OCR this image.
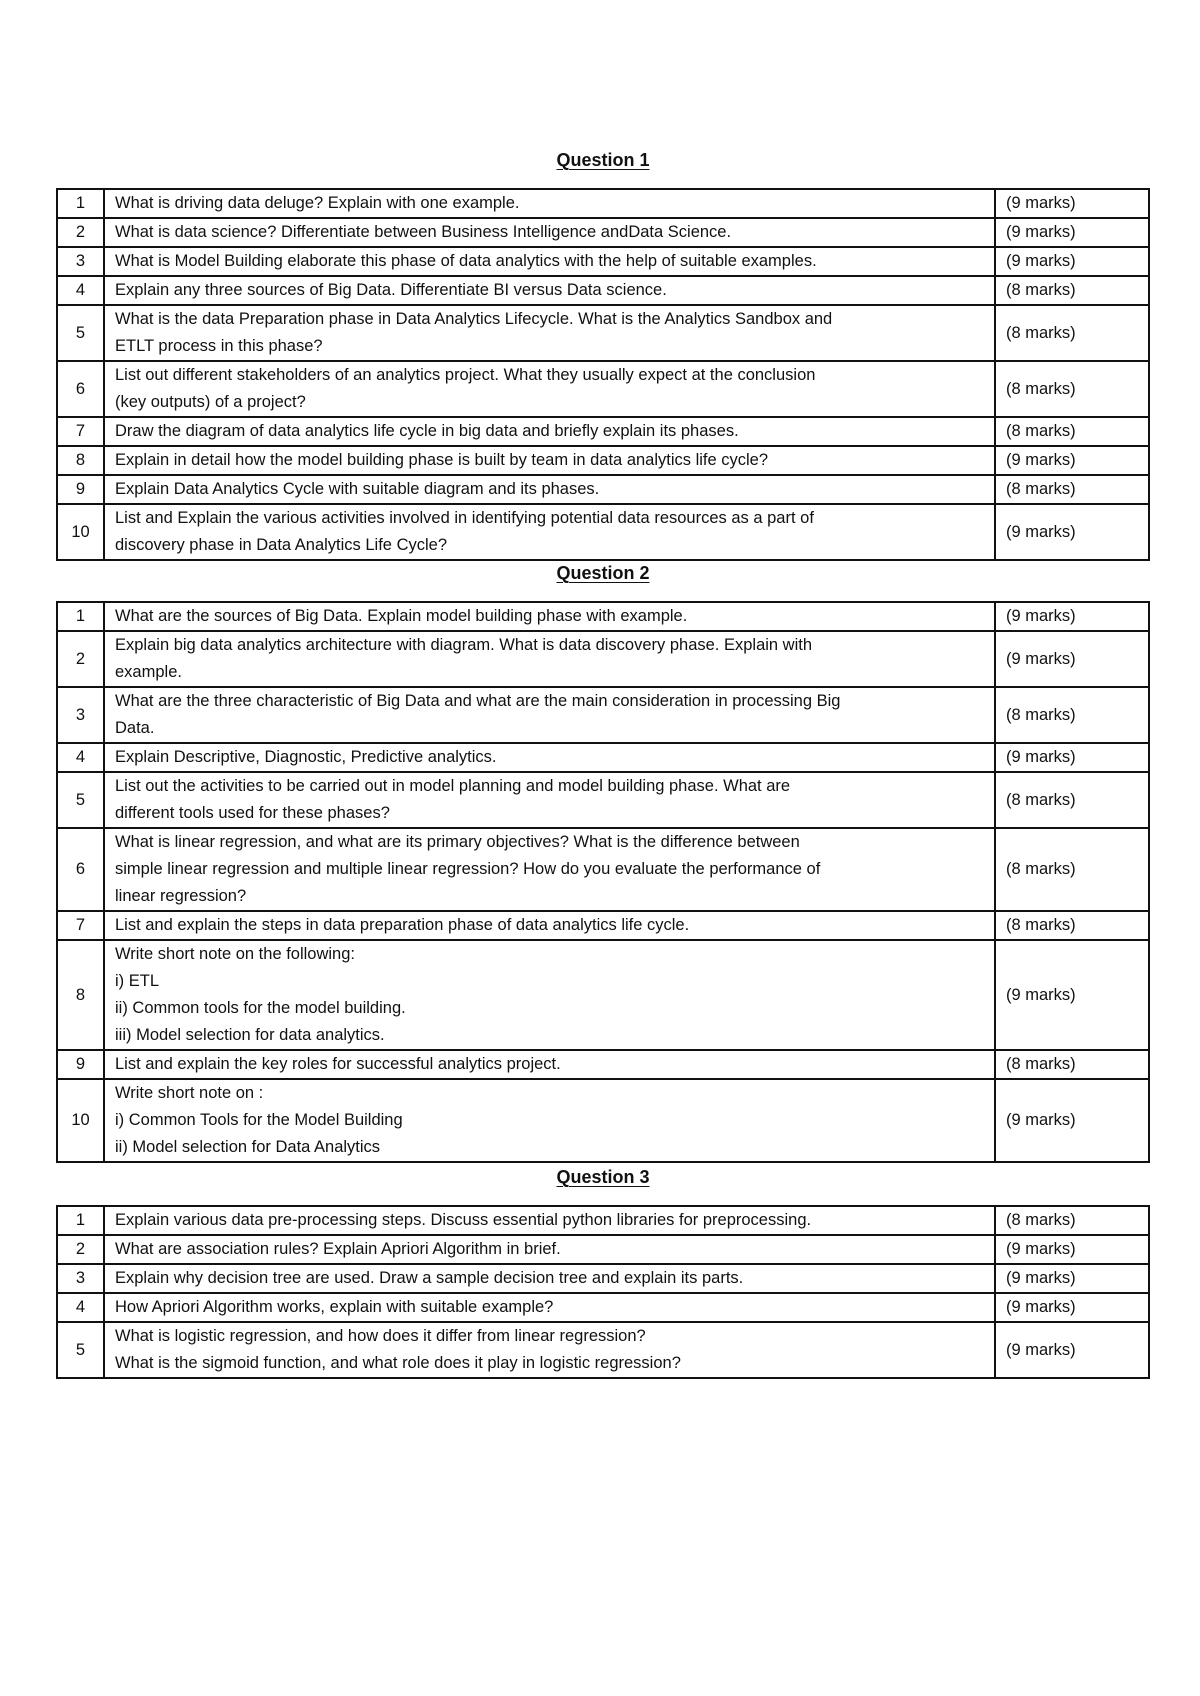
Question 1
1	What is driving data deluge? Explain with one example.	(9 marks)
2	What is data science? Differentiate between Business Intelligence andData Science.	(9 marks)
3	What is Model Building elaborate this phase of data analytics with the help of suitable examples.	(9 marks)
4	Explain any three sources of Big Data. Differentiate BI versus Data science.	(8 marks)
5	What is the data Preparation phase in Data Analytics Lifecycle. What is the Analytics Sandbox and
ETLT process in this phase?	(8 marks)
6	List out different stakeholders of an analytics project. What they usually expect at the conclusion
(key outputs) of a project?	(8 marks)
7	Draw the diagram of data analytics life cycle in big data and briefly explain its phases.	(8 marks)
8	Explain in detail how the model building phase is built by team in data analytics life cycle?	(9 marks)
9	Explain Data Analytics Cycle with suitable diagram and its phases.	(8 marks)
10	List and Explain the various activities involved in identifying potential data resources as a part of
discovery phase in Data Analytics Life Cycle?	(9 marks)
Question 2
1	What are the sources of Big Data. Explain model building phase with example.	(9 marks)
2	Explain big data analytics architecture with diagram. What is data discovery phase. Explain with
example.	(9 marks)
3	What are the three characteristic of Big Data and what are the main consideration in processing Big
Data.	(8 marks)
4	Explain Descriptive, Diagnostic, Predictive analytics.	(9 marks)
5	List out the activities to be carried out in model planning and model building phase. What are
different tools used for these phases?	(8 marks)
6	What is linear regression, and what are its primary objectives? What is the difference between
simple linear regression and multiple linear regression? How do you evaluate the performance of
linear regression?	(8 marks)
7	List and explain the steps in data preparation phase of data analytics life cycle.	(8 marks)
8	Write short note on the following:
i) ETL
ii) Common tools for the model building.
iii) Model selection for data analytics.	(9 marks)
9	List and explain the key roles for successful analytics project.	(8 marks)
10	Write short note on :
i) Common Tools for the Model Building
ii) Model selection for Data Analytics	(9 marks)
Question 3
1	Explain various data pre-processing steps. Discuss essential python libraries for preprocessing.	(8 marks)
2	What are association rules? Explain Apriori Algorithm in brief.	(9 marks)
3	Explain why decision tree are used. Draw a sample decision tree and explain its parts.	(9 marks)
4	How Apriori Algorithm works, explain with suitable example?	(9 marks)
5	What is logistic regression, and how does it differ from linear regression?
What is the sigmoid function, and what role does it play in logistic regression?	(9 marks)
